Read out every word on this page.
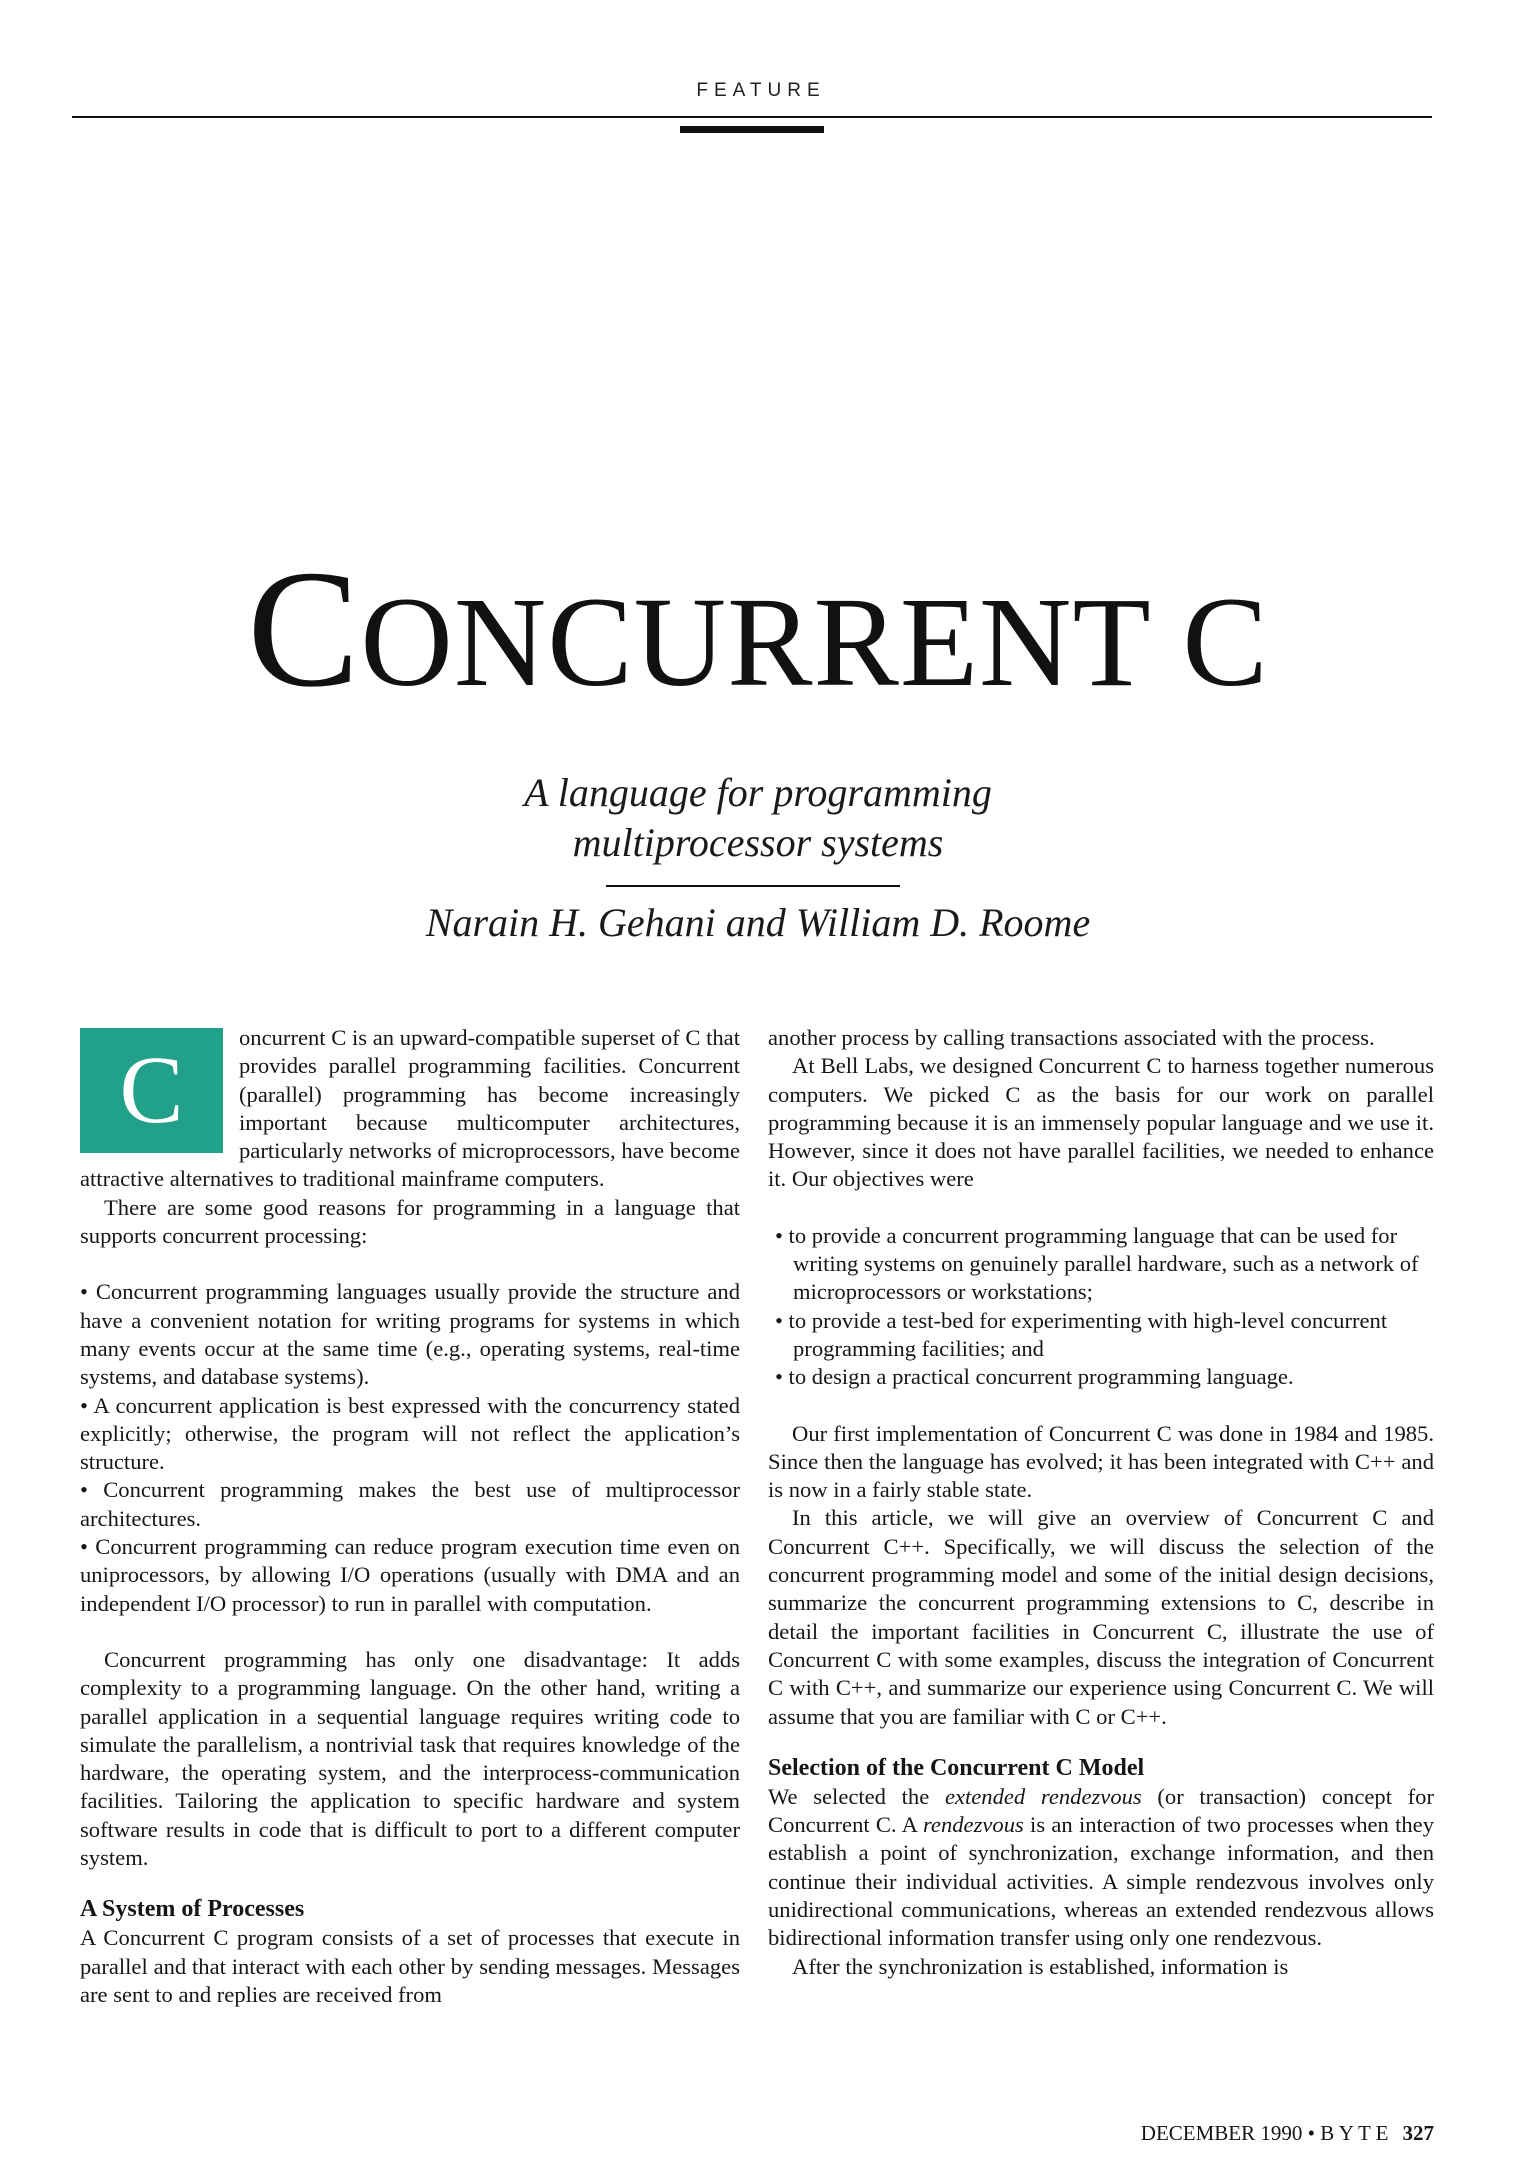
FEATURE
CONCURRENT C
A language for programming
multiprocessor systems
Narain H. Gehani and William D. Roome
C	oncurrent C is an upward-compatible superset of C that provides parallel programming facilities. Concurrent (parallel) programming has become increasingly important because multicomputer architectures, particularly networks of microprocessors, have become attractive alternatives to traditional mainframe computers.

There are some good reasons for programming in a language that supports concurrent processing:

• Concurrent programming languages usually provide the structure and have a convenient notation for writing programs for systems in which many events occur at the same time (e.g., operating systems, real-time systems, and database systems).

• A concurrent application is best expressed with the concurrency stated explicitly; otherwise, the program will not reflect the application’s structure.

• Concurrent programming makes the best use of multiprocessor architectures.

• Concurrent programming can reduce program execution time even on uniprocessors, by allowing I/O operations (usually with DMA and an independent I/O processor) to run in parallel with computation.

Concurrent programming has only one disadvantage: It adds complexity to a programming language. On the other hand, writing a parallel application in a sequential language requires writing code to simulate the parallelism, a nontrivial task that requires knowledge of the hardware, the operating system, and the interprocess-communication facilities. Tailoring the application to specific hardware and system software results in code that is difficult to port to a different computer system.

A System of Processes

A Concurrent C program consists of a set of processes that execute in parallel and that interact with each other by sending messages. Messages are sent to and replies are received from

another process by calling transactions associated with the process.

At Bell Labs, we designed Concurrent C to harness together numerous computers. We picked C as the basis for our work on parallel programming because it is an immensely popular language and we use it. However, since it does not have parallel facilities, we needed to enhance it. Our objectives were

• to provide a concurrent programming language that can be used for writing systems on genuinely parallel hardware, such as a network of microprocessors or workstations;
• to provide a test-bed for experimenting with high-level concurrent programming facilities; and
• to design a practical concurrent programming language.

Our first implementation of Concurrent C was done in 1984 and 1985. Since then the language has evolved; it has been integrated with C++ and is now in a fairly stable state.

In this article, we will give an overview of Concurrent C and Concurrent C++. Specifically, we will discuss the selection of the concurrent programming model and some of the initial design decisions, summarize the concurrent programming extensions to C, describe in detail the important facilities in Concurrent C, illustrate the use of Concurrent C with some examples, discuss the integration of Concurrent C with C++, and summarize our experience using Concurrent C. We will assume that you are familiar with C or C++.

Selection of the Concurrent C Model

We selected the extended rendezvous (or transaction) concept for Concurrent C. A rendezvous is an interaction of two processes when they establish a point of synchronization, exchange information, and then continue their individual activities. A simple rendezvous involves only unidirectional communications, whereas an extended rendezvous allows bidirectional information transfer using only one rendezvous.

After the synchronization is established, information is

DECEMBER 1990 • B Y T E 327
